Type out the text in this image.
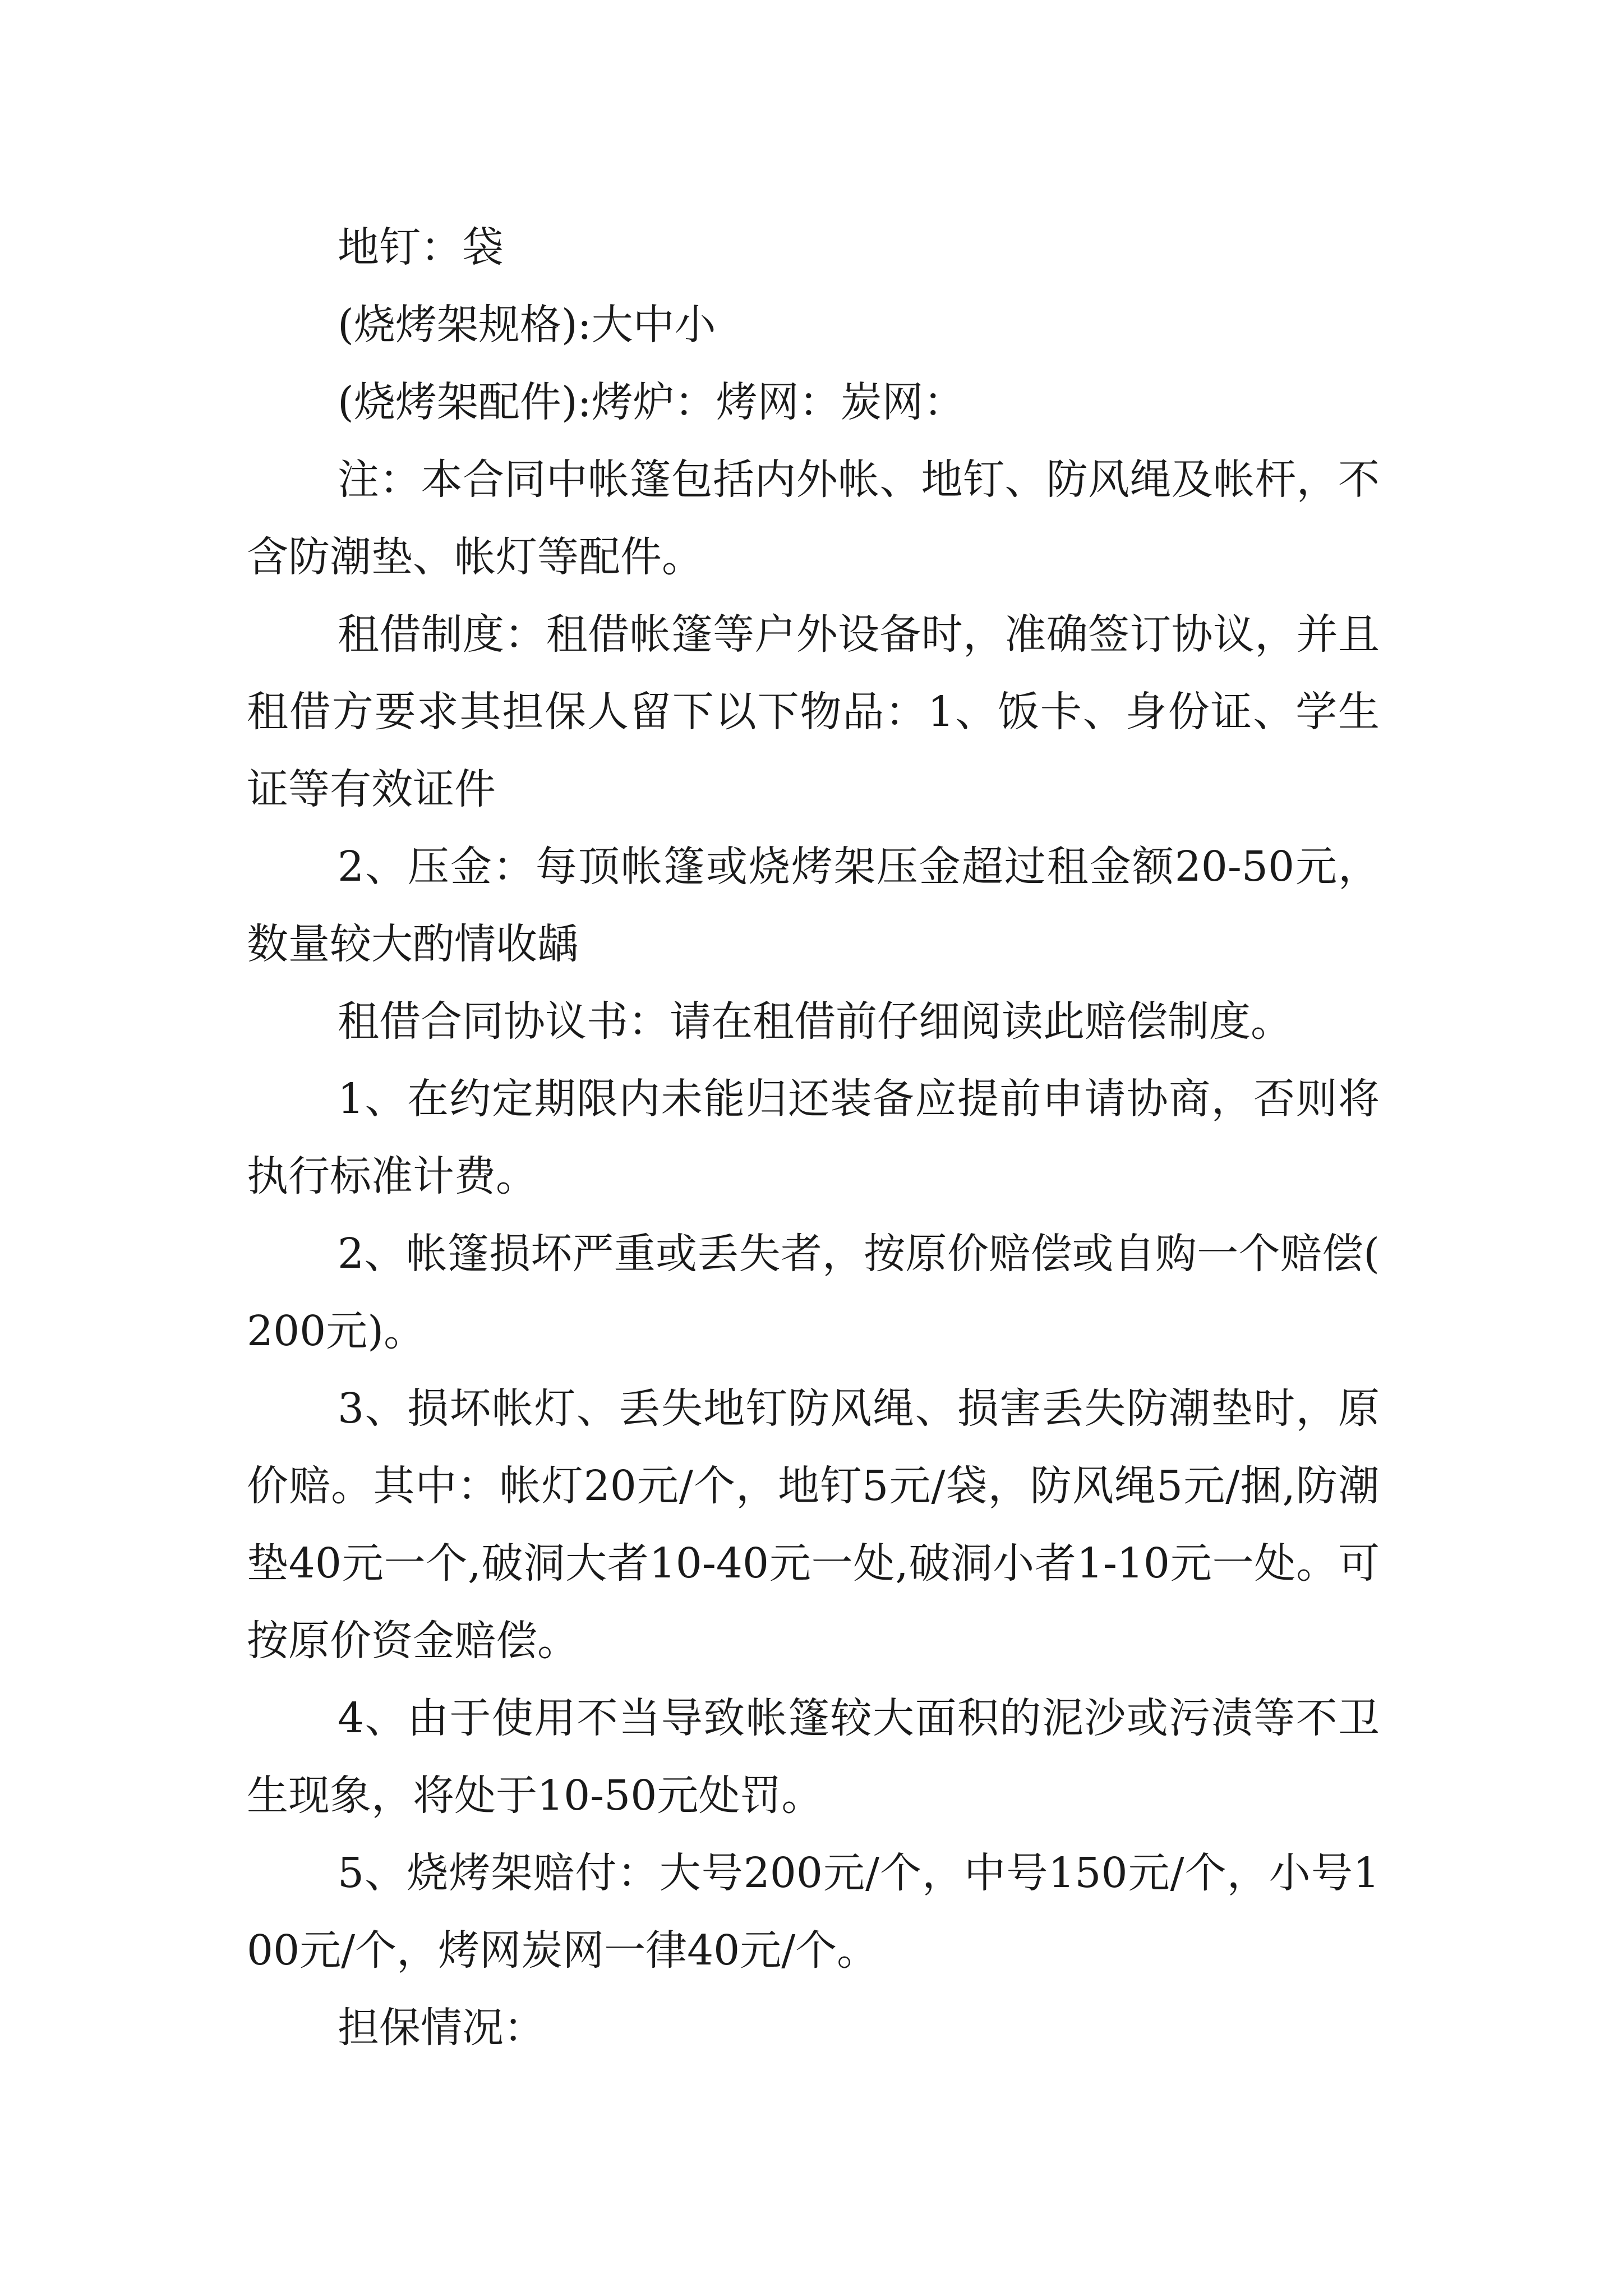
地钉：袋

(烧烤架规格):大中小

(烧烤架配件):烤炉：烤网：炭网：

注：本合同中帐篷包括内外帐、地钉、防风绳及帐杆，不含防潮垫、帐灯等配件。

租借制度：租借帐篷等户外设备时，准确签订协议，并且租借方要求其担保人留下以下物品：1、饭卡、身份证、学生证等有效证件

2、压金：每顶帐篷或烧烤架压金超过租金额20-50元，数量较大酌情收龋

租借合同协议书：请在租借前仔细阅读此赔偿制度。

1、在约定期限内未能归还装备应提前申请协商，否则将执行标准计费。

2、帐篷损坏严重或丢失者，按原价赔偿或自购一个赔偿(200元)。

3、损坏帐灯、丢失地钉防风绳、损害丢失防潮垫时，原价赔。其中：帐灯20元/个，地钉5元/袋，防风绳5元/捆,防潮垫40元一个,破洞大者10-40元一处,破洞小者1-10元一处。可按原价资金赔偿。

4、由于使用不当导致帐篷较大面积的泥沙或污渍等不卫生现象，将处于10-50元处罚。

5、烧烤架赔付：大号200元/个，中号150元/个，小号100元/个，烤网炭网一律40元/个。

担保情况：
